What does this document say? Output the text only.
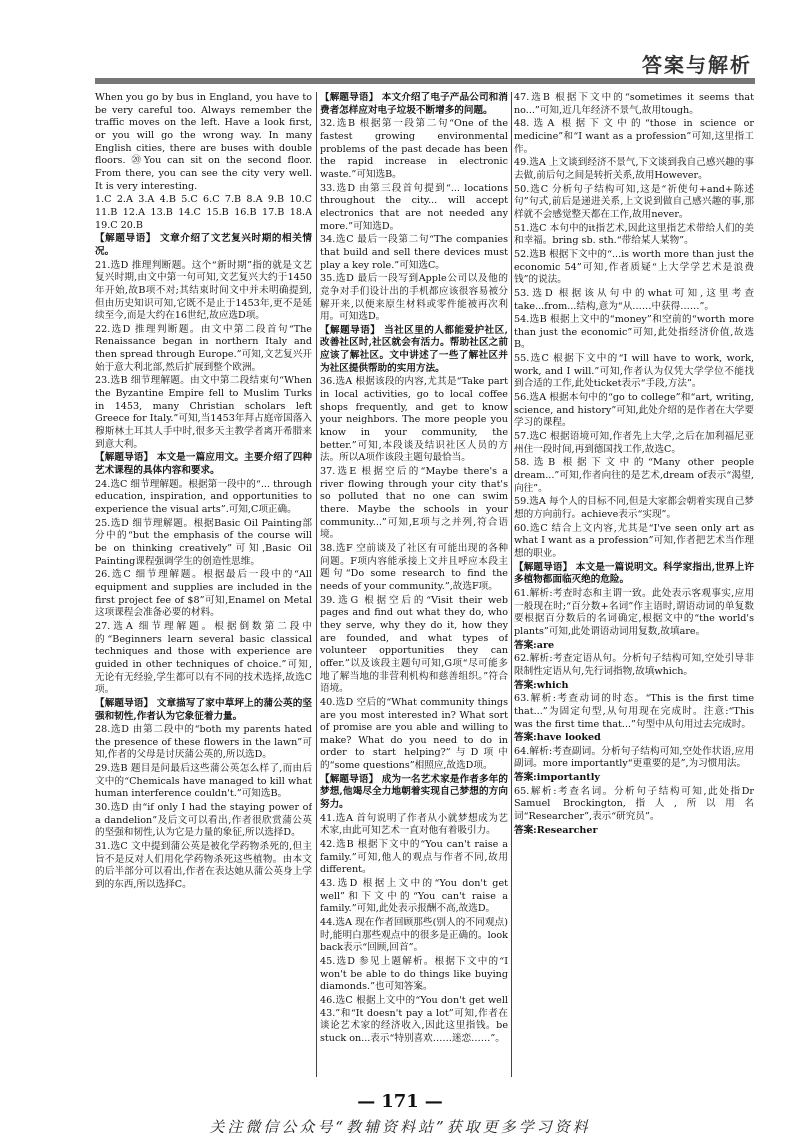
答案与解析
When you go by bus in England, you have to be very careful too. Always remember the traffic moves on the left. Have a look first, or you will go the wrong way. In many English cities, there are buses with double floors. ⑳You can sit on the second floor. From there, you can see the city very well. It is very interesting.
1.C 2.A 3.A 4.B 5.C 6.C 7.B 8.A 9.B 10.C 11.B 12.A 13.B 14.C 15.B 16.B 17.B 18.A 19.C 20.B
【解题导语】 文章介绍了文艺复兴时期的相关情况。
21.选D 推理判断题。这个“新时期”指的就是文艺复兴时期,由文中第一句可知,文艺复兴大约于1450年开始,故B项不对;其结束时间文中并未明确提到,但由历史知识可知,它既不是止于1453年,更不是延续至今,而是大约在16世纪,故应选D项。
22.选D 推理判断题。由文中第二段首句“The Renaissance began in northern Italy and then spread through Europe.”可知,文艺复兴开始于意大利北部,然后扩展到整个欧洲。
23.选B 细节理解题。由文中第二段结束句“When the Byzantine Empire fell to Muslim Turks in 1453, many Christian scholars left Greece for Italy.”可知,当1453年拜占庭帝国落入穆斯林土耳其人手中时,很多天主教学者离开希腊来到意大利。
【解题导语】 本文是一篇应用文。主要介绍了四种艺术课程的具体内容和要求。
24.选C 细节理解题。根据第一段中的“... through education, inspiration, and opportunities to experience the visual arts”.可知,C项正确。
25.选D 细节理解题。根据Basic Oil Painting部分中的“but the emphasis of the course will be on thinking creatively”可知,Basic Oil Painting课程强调学生的创造性思维。
26.选C 细节理解题。根据最后一段中的“All equipment and supplies are included in the first project fee of $8”可知,Enamel on Metal这项课程会准备必要的材料。
27.选A 细节理解题。根据倒数第二段中的“Beginners learn several basic classical techniques and those with experience are guided in other techniques of choice.”可知,无论有无经验,学生都可以有不同的技术选择,故选C项。
【解题导语】 文章描写了家中草坪上的蒲公英的坚强和韧性,作者认为它象征着力量。
28.选D 由第二段中的“both my parents hated the presence of these flowers in the lawn”可知,作者的父母是讨厌蒲公英的,所以选D。
29.选B 题目是问最后这些蒲公英怎么样了,而由后文中的“Chemicals have managed to kill what human interference couldn't.”可知选B。
30.选D 由“if only I had the staying power of a dandelion”及后文可以看出,作者很欣赏蒲公英的坚强和韧性,认为它是力量的象征,所以选择D。
31.选C 文中提到蒲公英是被化学药物杀死的,但主旨不是反对人们用化学药物杀死这些植物。由本文的后半部分可以看出,作者在表达她从蒲公英身上学到的东西,所以选择C。
【解题导语】 本文介绍了电子产品公司和消费者怎样应对电子垃圾不断增多的问题。
32.选B 根据第一段第二句“One of the fastest growing environmental problems of the past decade has been the rapid increase in electronic waste.”可知选B。
33.选D 由第三段首句提到“... locations throughout the city... will accept electronics that are not needed any more.”可知选D。
34.选C 最后一段第二句“The companies that build and sell there devices must play a key role.”可知选C。
35.选D 最后一段写到Apple公司以及他的竞争对手们设计出的手机都应该很容易被分解开来,以便来原生材料或零件能被再次利用。可知选D。
【解题导语】 当社区里的人都能爱护社区,改善社区时,社区就会有活力。帮助社区之前应该了解社区。文中讲述了一些了解社区并为社区提供帮助的实用方法。
36.选A 根据该段的内容,尤其是“Take part in local activities, go to local coffee shops frequently, and get to know your neighbors. The more people you know in your community, the better.”可知,本段谈及结识社区人员的方法。所以A项作该段主题句最恰当。
37.选E 根据空后的“Maybe there's a river flowing through your city that's so polluted that no one can swim there. Maybe the schools in your community...”可知,E项与之并列,符合语境。
38.选F 空前谈及了社区有可能出现的各种问题。F项内容能承接上文并且呼应本段主题句“Do some research to find the needs of your community.”,故选F项。
39.选G 根据空后的“Visit their web pages and find out what they do, who they serve, why they do it, how they are founded, and what types of volunteer opportunities they can offer.”以及该段主题句可知,G项“尽可能多地了解当地的非营利机构和慈善组织。”符合语境。
40.选D 空后的“What community things are you most interested in? What sort of promise are you able and willing to make? What do you need to do in order to start helping?”与D项中的“some questions”相照应,故选D项。
【解题导语】 成为一名艺术家是作者多年的梦想,他竭尽全力地朝着实现自己梦想的方向努力。
41.选A 首句说明了作者从小就梦想成为艺术家,由此可知艺术一直对他有着吸引力。
42.选B 根据下文中的“You can't raise a family.”可知,他人的观点与作者不同,故用different。
43.选D 根据上文中的“You don't get well”和下文中的“You can't raise a family.”可知,此处表示报酬不高,故选D。
44.选A 现在作者回顾那些(别人的不同观点)时,能明白那些观点中的很多是正确的。look back表示“回顾,回首”。
45.选D 参见上题解析。根据下文中的“I won't be able to do things like buying diamonds.”也可知答案。
46.选C 根据上文中的“You don't get well 43.”和“It doesn't pay a lot”可知,作者在谈论艺术家的经济收入,因此这里指钱。be stuck on...表示“特别喜欢……迷恋……”。
47.选B 根据下文中的“sometimes it seems that no...”可知,近几年经济不景气,故用tough。
48.选A 根据下文中的“those in science or medicine”和“I want as a profession”可知,这里指工作。
49.选A 上文谈到经济不景气,下文谈到我自己感兴趣的事去做,前后句之间是转折关系,故用However。
50.选C 分析句子结构可知,这是“祈使句+and+陈述句”句式,前后是递进关系,上文说到做自己感兴趣的事,那样就不会感觉整天都在工作,故用never。
51.选C 本句中的it指艺术,因此这里指艺术带给人们的美和幸福。bring sb. sth.“带给某人某物”。
52.选B 根据下文中的“...is worth more than just the economic 54”可知,作者质疑“上大学学艺术是浪费钱”的说法。
53.选D 根据该从句中的what可知,这里考查take...from...结构,意为“从……中获得……”。
54.选B 根据上文中的“money”和空前的“worth more than just the economic”可知,此处指经济价值,故选B。
55.选C 根据下文中的“I will have to work, work, work, and I will.”可知,作者认为仅凭大学学位不能找到合适的工作,此处ticket表示“手段,方法”。
56.选A 根据本句中的“go to college”和“art, writing, science, and history”可知,此处介绍的是作者在大学要学习的课程。
57.选C 根据语境可知,作者先上大学,之后在加利福尼亚州住一段时间,再到德国找工作,故选C。
58.选B 根据下文中的“Many other people dream...”可知,作者向往的是艺术,dream of表示“渴望,向往”。
59.选A 每个人的目标不同,但是大家都会朝着实现自己梦想的方向前行。achieve表示“实现”。
60.选C 结合上文内容,尤其是“I've seen only art as what I want as a profession”可知,作者把艺术当作理想的职业。
【解题导语】 本文是一篇说明文。科学家指出,世界上许多植物都面临灭绝的危险。
61.解析:考查时态和主谓一致。此处表示客观事实,应用一般现在时;“百分数+名词”作主语时,谓语动词的单复数要根据百分数后的名词确定,根据文中的“the world's plants”可知,此处谓语动词用复数,故填are。
答案:are
62.解析:考查定语从句。分析句子结构可知,空处引导非限制性定语从句,先行词指物,故填which。
答案:which
63.解析:考查动词的时态。“This is the first time that...”为固定句型,从句用现在完成时。注意:“This was the first time that...”句型中从句用过去完成时。
答案:have looked
64.解析:考查副词。分析句子结构可知,空处作状语,应用副词。more importantly“更重要的是”,为习惯用法。
答案:importantly
65.解析:考查名词。分析句子结构可知,此处指Dr Samuel Brockington,指人,所以用名词“Researcher”,表示“研究员”。
答案:Researcher
— 171 —
关注微信公众号“教辅资料站”获取更多学习资料
